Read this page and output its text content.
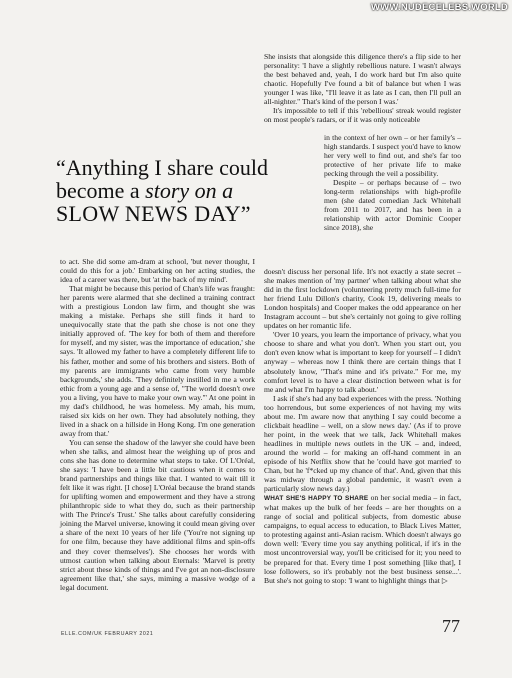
WWW.NUDECELEBS.WORLD

She insists that alongside this diligence there's a flip side to her personality: 'I have a slightly rebellious nature. I wasn't always the best behaved and, yeah, I do work hard but I'm also quite chaotic. Hopefully I've found a bit of balance but when I was younger I was like, "I'll leave it as late as I can, then I'll pull an all-nighter." That's kind of the person I was.'

It's impossible to tell if this 'rebellious' streak would register on most people's radars, or if it was only noticeable

in the context of her own – or her family's – high standards. I suspect you'd have to know her very well to find out, and she's far too protective of her private life to make pecking through the veil a possibility.

Despite – or perhaps because of – two long-term relationships with high-profile men (she dated comedian Jack Whitehall from 2011 to 2017, and has been in a relationship with actor Dominic Cooper since 2018), she

“Anything I share could
become a story on a
SLOW NEWS DAY”

to act. She did some am-dram at school, 'but never thought, I could do this for a job.' Embarking on her acting studies, the idea of a career was there, but 'at the back of my mind'.

That might be because this period of Chan's life was fraught: her parents were alarmed that she declined a training contract with a prestigious London law firm, and thought she was making a mistake. Perhaps she still finds it hard to unequivocally state that the path she chose is not one they initially approved of. 'The key for both of them and therefore for myself, and my sister, was the importance of education,' she says. 'It allowed my father to have a completely different life to his father, mother and some of his brothers and sisters. Both of my parents are immigrants who came from very humble backgrounds,' she adds. 'They definitely instilled in me a work ethic from a young age and a sense of, "The world doesn't owe you a living, you have to make your own way."' At one point in my dad's childhood, he was homeless. My amah, his mum, raised six kids on her own. They had absolutely nothing, they lived in a shack on a hillside in Hong Kong. I'm one generation away from that.'

You can sense the shadow of the lawyer she could have been when she talks, and almost hear the weighing up of pros and cons she has done to determine what steps to take. Of L'Oréal, she says: 'I have been a little bit cautious when it comes to brand partnerships and things like that. I wanted to wait till it felt like it was right. [I chose] L'Oréal because the brand stands for uplifting women and empowerment and they have a strong philanthropic side to what they do, such as their partnership with The Prince's Trust.' She talks about carefully considering joining the Marvel universe, knowing it could mean giving over a share of the next 10 years of her life ('You're not signing up for one film, because they have additional films and spin-offs and they cover themselves'). She chooses her words with utmost caution when talking about Eternals: 'Marvel is pretty strict about these kinds of things and I've got an non-disclosure agreement like that,' she says, miming a massive wodge of a legal document.

doesn't discuss her personal life. It's not exactly a state secret – she makes mention of 'my partner' when talking about what she did in the first lockdown (volunteering pretty much full-time for her friend Lulu Dillon's charity, Cook 19, delivering meals to London hospitals) and Cooper makes the odd appearance on her Instagram account – but she's certainly not going to give rolling updates on her romantic life.

'Over 10 years, you learn the importance of privacy, what you choose to share and what you don't. When you start out, you don't even know what is important to keep for yourself – I didn't anyway – whereas now I think there are certain things that I absolutely know, "That's mine and it's private." For me, my comfort level is to have a clear distinction between what is for me and what I'm happy to talk about.'

I ask if she's had any bad experiences with the press. 'Nothing too horrendous, but some experiences of not having my wits about me. I'm aware now that anything I say could become a clickbait headline – well, on a slow news day.' (As if to prove her point, in the week that we talk, Jack Whitehall makes headlines in multiple news outlets in the UK – and, indeed, around the world – for making an off-hand comment in an episode of his Netflix show that he 'could have got married' to Chan, but he 'f*cked up my chance of that'. And, given that this was midway through a global pandemic, it wasn't even a particularly slow news day.)

WHAT SHE'S HAPPY TO SHARE on her social media – in fact, what makes up the bulk of her feeds – are her thoughts on a range of social and political subjects, from domestic abuse campaigns, to equal access to education, to Black Lives Matter, to protesting against anti-Asian racism. Which doesn't always go down well: 'Every time you say anything political, if it's in the most uncontroversial way, you'll be criticised for it; you need to be prepared for that. Every time I post something [like that], I lose followers, so it's probably not the best business sense...'. But she's not going to stop: 'I want to highlight things that ▷

ELLE.COM/UK FEBRUARY 2021	77
